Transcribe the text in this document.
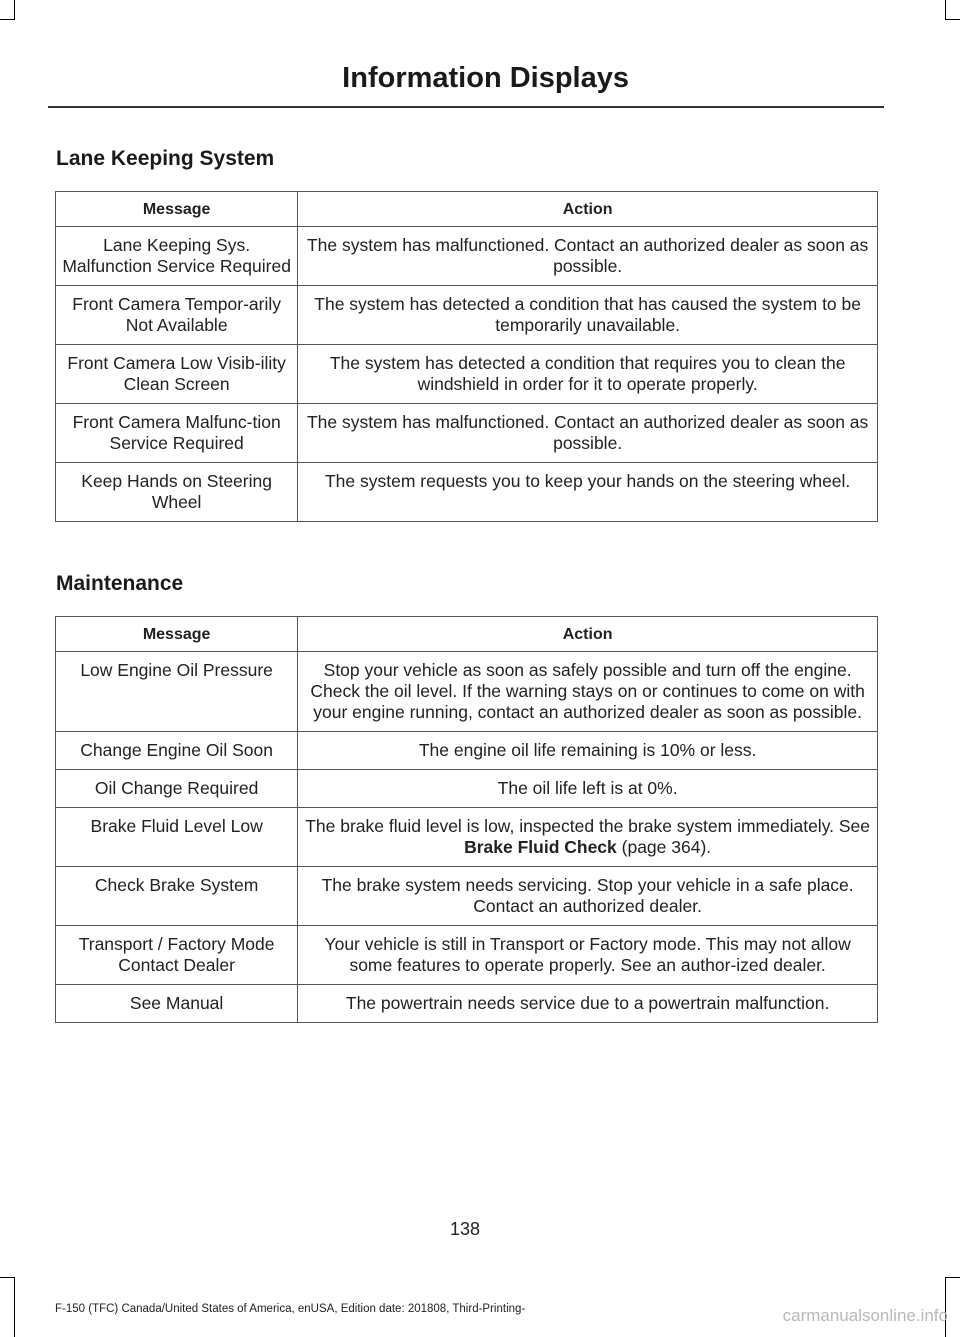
Information Displays
Lane Keeping System
Message	Action
Lane Keeping Sys. Malfunction Service Required	The system has malfunctioned. Contact an authorized dealer as soon as possible.
Front Camera Tempor-arily Not Available	The system has detected a condition that has caused the system to be temporarily unavailable.
Front Camera Low Visib-ility Clean Screen	The system has detected a condition that requires you to clean the windshield in order for it to operate properly.
Front Camera Malfunc-tion Service Required	The system has malfunctioned. Contact an authorized dealer as soon as possible.
Keep Hands on Steering Wheel	The system requests you to keep your hands on the steering wheel.
Maintenance
Message	Action
Low Engine Oil Pressure	Stop your vehicle as soon as safely possible and turn off the engine. Check the oil level. If the warning stays on or continues to come on with your engine running, contact an authorized dealer as soon as possible.
Change Engine Oil Soon	The engine oil life remaining is 10% or less.
Oil Change Required	The oil life left is at 0%.
Brake Fluid Level Low	The brake fluid level is low, inspected the brake system immediately. See Brake Fluid Check (page 364).
Check Brake System	The brake system needs servicing. Stop your vehicle in a safe place. Contact an authorized dealer.
Transport / Factory Mode Contact Dealer	Your vehicle is still in Transport or Factory mode. This may not allow some features to operate properly. See an author-ized dealer.
See Manual	The powertrain needs service due to a powertrain malfunction.
138
F-150 (TFC) Canada/United States of America, enUSA, Edition date: 201808, Third-Printing-	carmanualsonline.info
